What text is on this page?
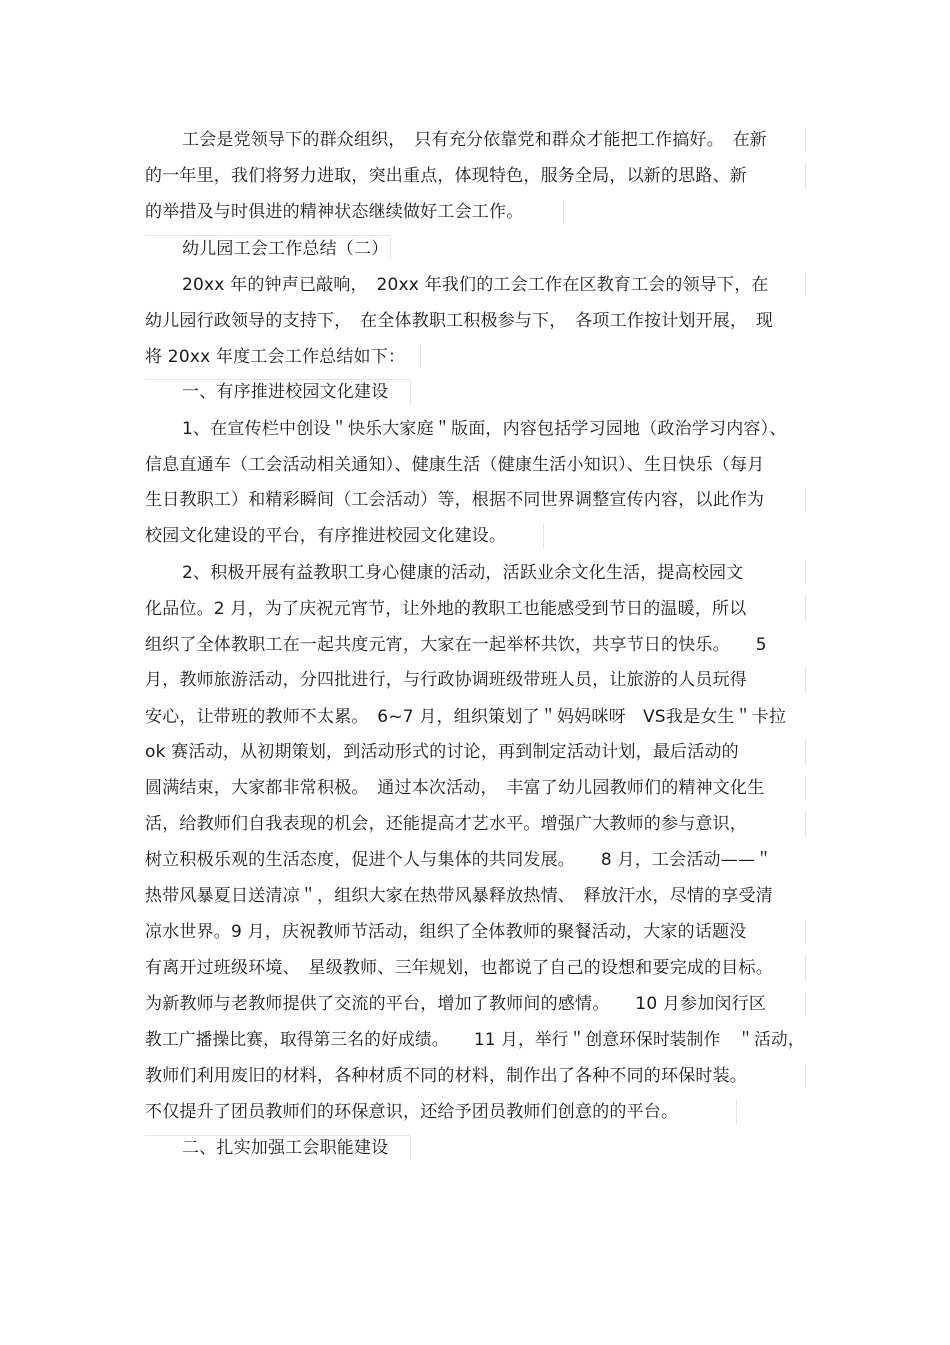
工会是党领导下的群众组织，　只有充分依靠党和群众才能把工作搞好。　在新
的一年里，我们将努力进取，突出重点，体现特色，服务全局，以新的思路、新
的举措及与时俱进的精神状态继续做好工会工作。
幼儿园工会工作总结（二）
20xx 年的钟声已敲响，　20xx 年我们的工会工作在区教育工会的领导下，在
幼儿园行政领导的支持下，　在全体教职工积极参与下，　各项工作按计划开展，　现
将 20xx 年度工会工作总结如下：
一、有序推进校园文化建设
1、在宣传栏中创设＂快乐大家庭＂版面，内容包括学习园地（政治学习内容）、
信息直通车（工会活动相关通知）、健康生活（健康生活小知识）、生日快乐（每月
生日教职工）和精彩瞬间（工会活动）等，根据不同世界调整宣传内容，以此作为
校园文化建设的平台，有序推进校园文化建设。
2、积极开展有益教职工身心健康的活动，活跃业余文化生活，提高校园文
化品位。2 月，为了庆祝元宵节，让外地的教职工也能感受到节日的温暖，所以
组织了全体教职工在一起共度元宵，大家在一起举杯共饮，共享节日的快乐。　　5
月，教师旅游活动，分四批进行，与行政协调班级带班人员，让旅游的人员玩得
安心，让带班的教师不太累。　6~7 月，组织策划了＂妈妈咪呀　VS我是女生＂卡拉
ok 赛活动，从初期策划，到活动形式的讨论，再到制定活动计划，最后活动的
圆满结束，大家都非常积极。　通过本次活动，　丰富了幼儿园教师们的精神文化生
活，给教师们自我表现的机会，还能提高才艺水平。增强广大教师的参与意识，
树立积极乐观的生活态度，促进个人与集体的共同发展。　　8 月，工会活动——＂
热带风暴夏日送清凉＂，组织大家在热带风暴释放热情、　释放汗水，尽情的享受清
凉水世界。9 月，庆祝教师节活动，组织了全体教师的聚餐活动，大家的话题没
有离开过班级环境、　星级教师、三年规划，也都说了自己的设想和要完成的目标。
为新教师与老教师提供了交流的平台，增加了教师间的感情。　　10 月参加闵行区
教工广播操比赛，取得第三名的好成绩。　　11 月，举行＂创意环保时装制作　＂活动，
教师们利用废旧的材料，各种材质不同的材料，制作出了各种不同的环保时装。
不仅提升了团员教师们的环保意识，还给予团员教师们创意的的平台。
二、扎实加强工会职能建设
